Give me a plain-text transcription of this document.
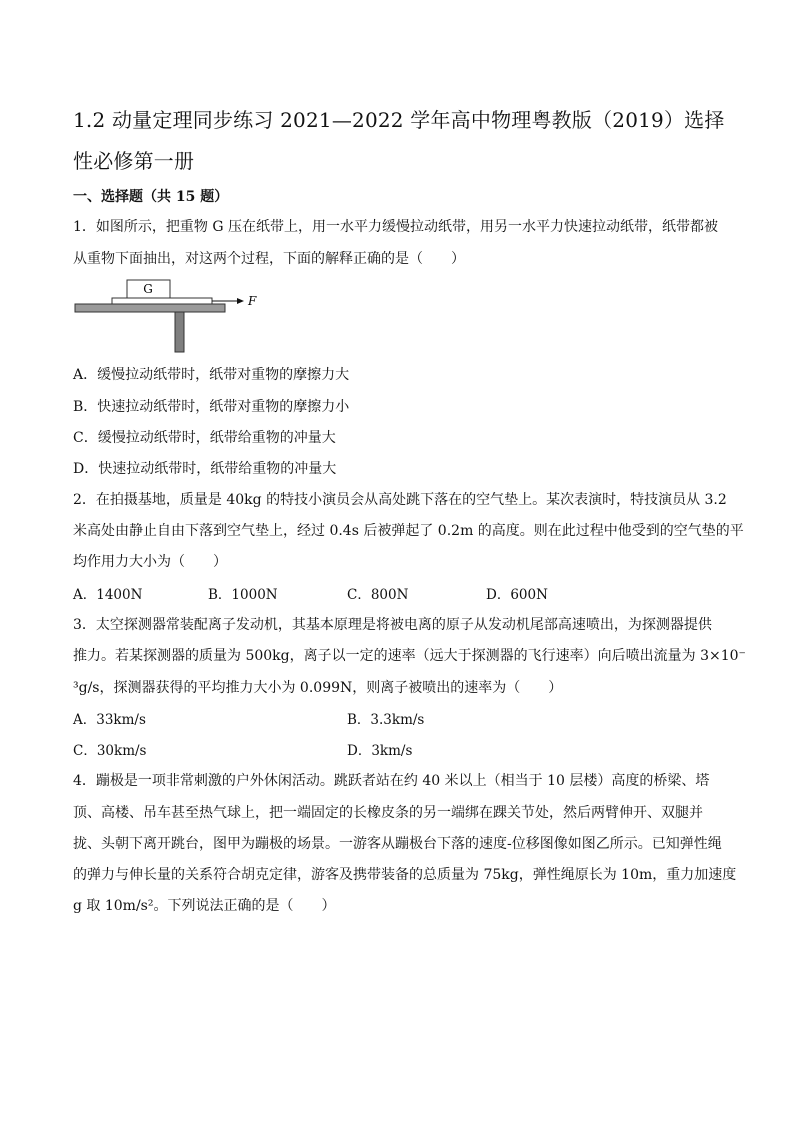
1.2 动量定理同步练习 2021—2022 学年高中物理粤教版（2019）选择性必修第一册
一、选择题（共 15 题）
1．如图所示，把重物 G 压在纸带上，用一水平力缓慢拉动纸带，用另一水平力快速拉动纸带，纸带都被
从重物下面抽出，对这两个过程，下面的解释正确的是（　　）
G
F
A．缓慢拉动纸带时，纸带对重物的摩擦力大
B．快速拉动纸带时，纸带对重物的摩擦力小
C．缓慢拉动纸带时，纸带给重物的冲量大
D．快速拉动纸带时，纸带给重物的冲量大
2．在拍摄基地，质量是 40kg 的特技小演员会从高处跳下落在的空气垫上。某次表演时，特技演员从 3.2
米高处由静止自由下落到空气垫上，经过 0.4s 后被弹起了 0.2m 的高度。则在此过程中他受到的空气垫的平
均作用力大小为（　　）
A．1400N	B．1000N	C．800N	D．600N
3．太空探测器常装配离子发动机，其基本原理是将被电离的原子从发动机尾部高速喷出，为探测器提供
推力。若某探测器的质量为 500kg，离子以一定的速率（远大于探测器的飞行速率）向后喷出流量为 3×10⁻
³g/s，探测器获得的平均推力大小为 0.099N，则离子被喷出的速率为（　　）
A．33km/s	B．3.3km/s
C．30km/s	D．3km/s
4．蹦极是一项非常刺激的户外休闲活动。跳跃者站在约 40 米以上（相当于 10 层楼）高度的桥梁、塔
顶、高楼、吊车甚至热气球上，把一端固定的长橡皮条的另一端绑在踝关节处，然后两臂伸开、双腿并
拢、头朝下离开跳台，图甲为蹦极的场景。一游客从蹦极台下落的速度-位移图像如图乙所示。已知弹性绳
的弹力与伸长量的关系符合胡克定律，游客及携带装备的总质量为 75kg，弹性绳原长为 10m，重力加速度
g 取 10m/s²。下列说法正确的是（　　）
